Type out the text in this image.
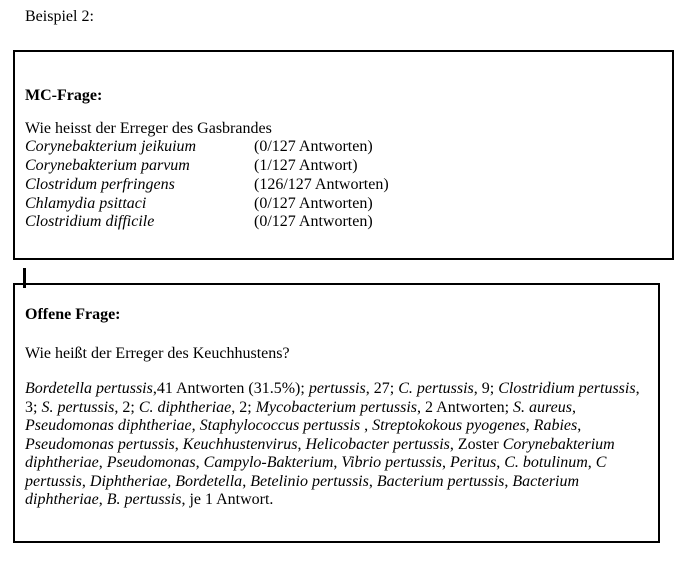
Beispiel 2:
MC-Frage:
Wie heisst der Erreger des Gasbrandes
Corynebakterium jeikuium	(0/127 Antworten)
Corynebakterium parvum	(1/127 Antwort)
Clostridum perfringens	(126/127 Antworten)
Chlamydia psittaci	(0/127 Antworten)
Clostridium difficile	(0/127 Antworten)
Offene Frage:
Wie heißt der Erreger des Keuchhustens?

Bordetella pertussis,41 Antworten (31.5%); pertussis, 27; C. pertussis, 9; Clostridium pertussis, 3; S. pertussis, 2; C. diphtheriae, 2; Mycobacterium pertussis, 2 Antworten; S. aureus, Pseudomonas diphtheriae, Staphylococcus pertussis , Streptokokous pyogenes, Rabies, Pseudomonas pertussis, Keuchhustenvirus, Helicobacter pertussis, Zoster Corynebakterium diphtheriae, Pseudomonas, Campylo-Bakterium, Vibrio pertussis, Peritus, C. botulinum, C pertussis, Diphtheriae, Bordetella, Betelinio pertussis, Bacterium pertussis, Bacterium diphtheriae, B. pertussis, je 1 Antwort.
